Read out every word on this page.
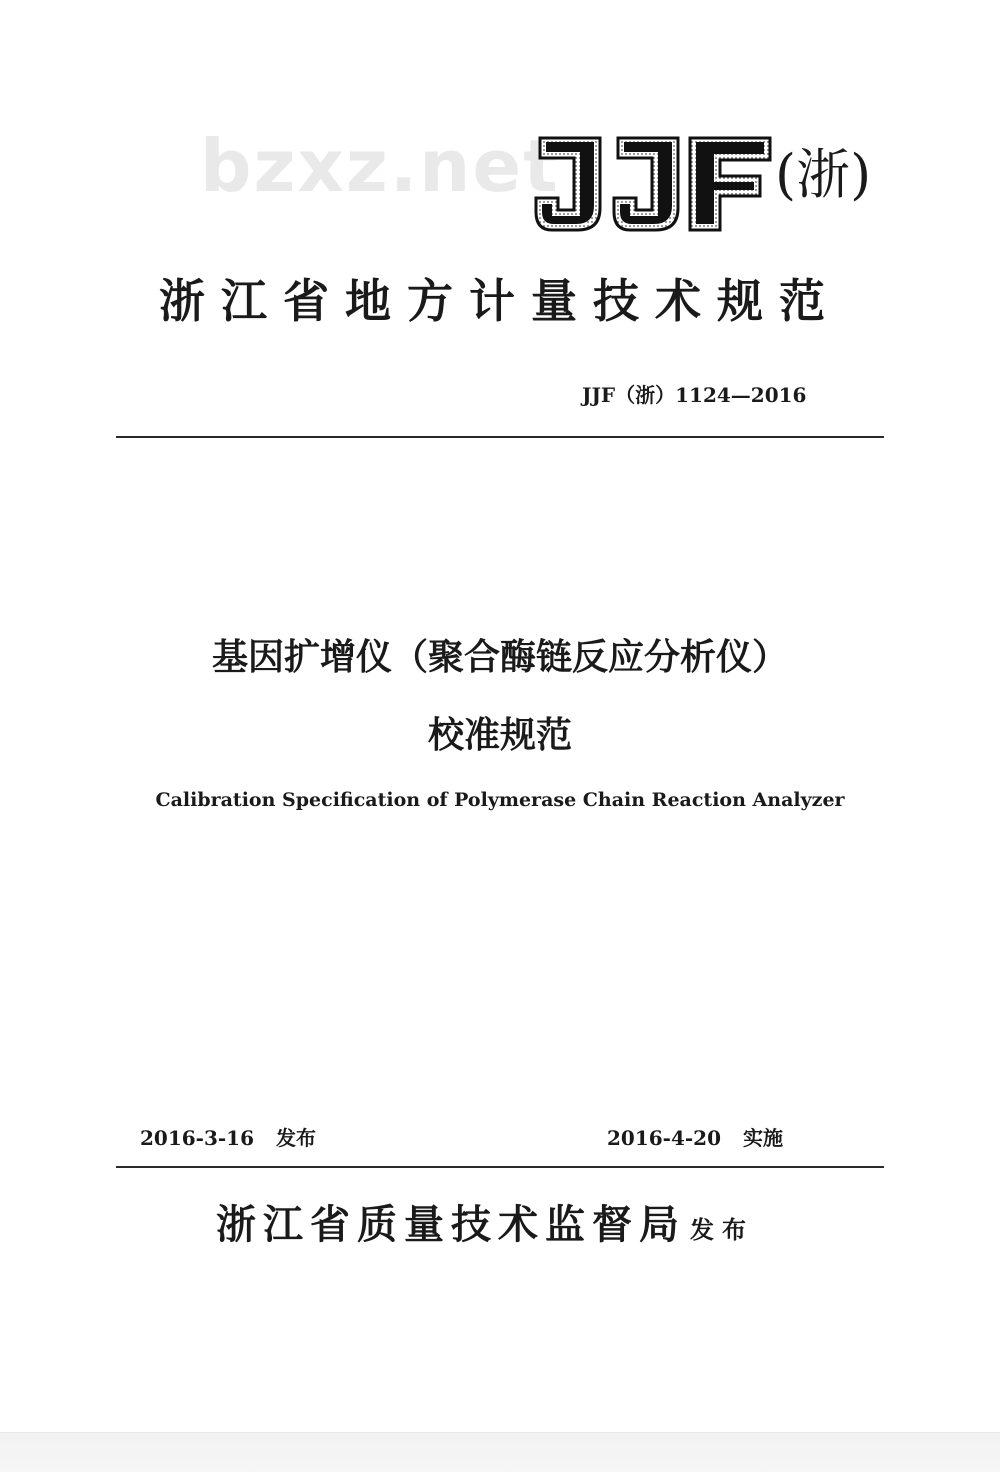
bzxz.net	(浙)
浙江省地方计量技术规范
JJF（浙）1124—2016
基因扩增仪（聚合酶链反应分析仪）
校准规范
Calibration Specification of Polymerase Chain Reaction Analyzer
2016-3-16 发布	2016-4-20 实施
浙江省质量技术监督局 发布
